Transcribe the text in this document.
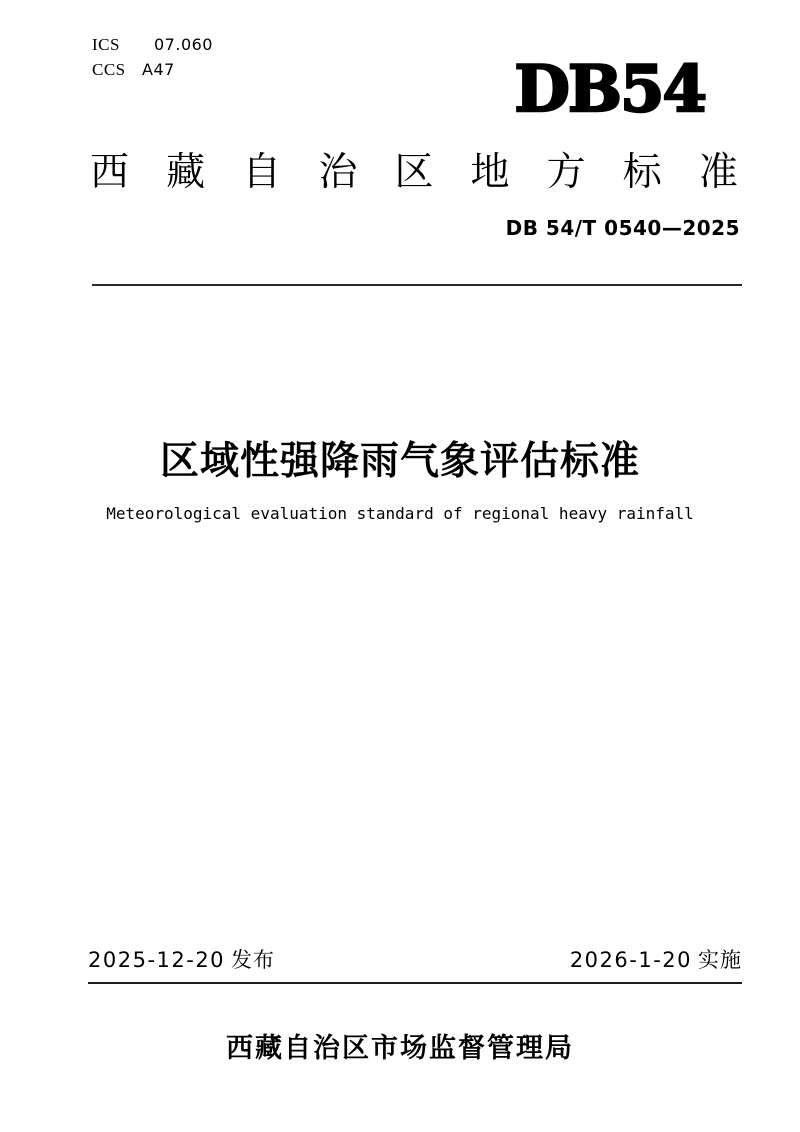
ICS	07.060
CCS	A47	DB54
西 藏 自 治 区 地 方 标 准
DB 54/T 0540—2025
区域性强降雨气象评估标准
Meteorological evaluation standard of regional heavy rainfall
2025-12-20 发布	2026-1-20 实施
西藏自治区市场监督管理局
